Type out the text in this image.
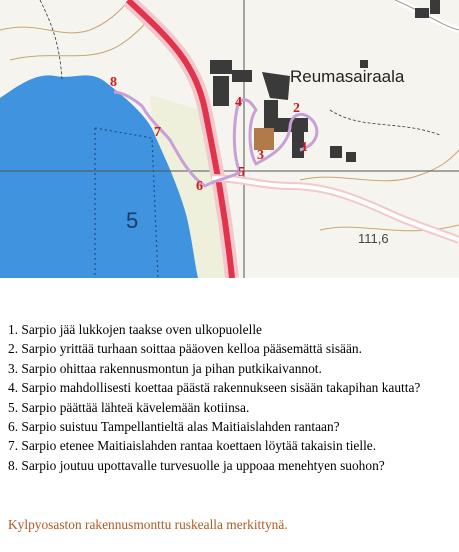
5
Reumasairaala
111,6
1
2
3
4
5
6
7
8
1. Sarpio jää lukkojen taakse oven ulkopuolelle
2. Sarpio yrittää turhaan soittaa pääoven kelloa pääsemättä sisään.
3. Sarpio ohittaa rakennusmontun ja pihan putkikaivannot.
4. Sarpio mahdollisesti koettaa päästä rakennukseen sisään takapihan kautta?
5. Sarpio päättää lähteä kävelemään kotiinsa.
6. Sarpio suistuu Tampellantieltä alas Maitiaislahden rantaan?
7. Sarpio etenee Maitiaislahden rantaa koettaen löytää takaisin tielle.
8. Sarpio joutuu upottavalle turvesuolle ja uppoaa menehtyen suohon?

Kylpyosaston rakennusmonttu ruskealla merkittynä.
